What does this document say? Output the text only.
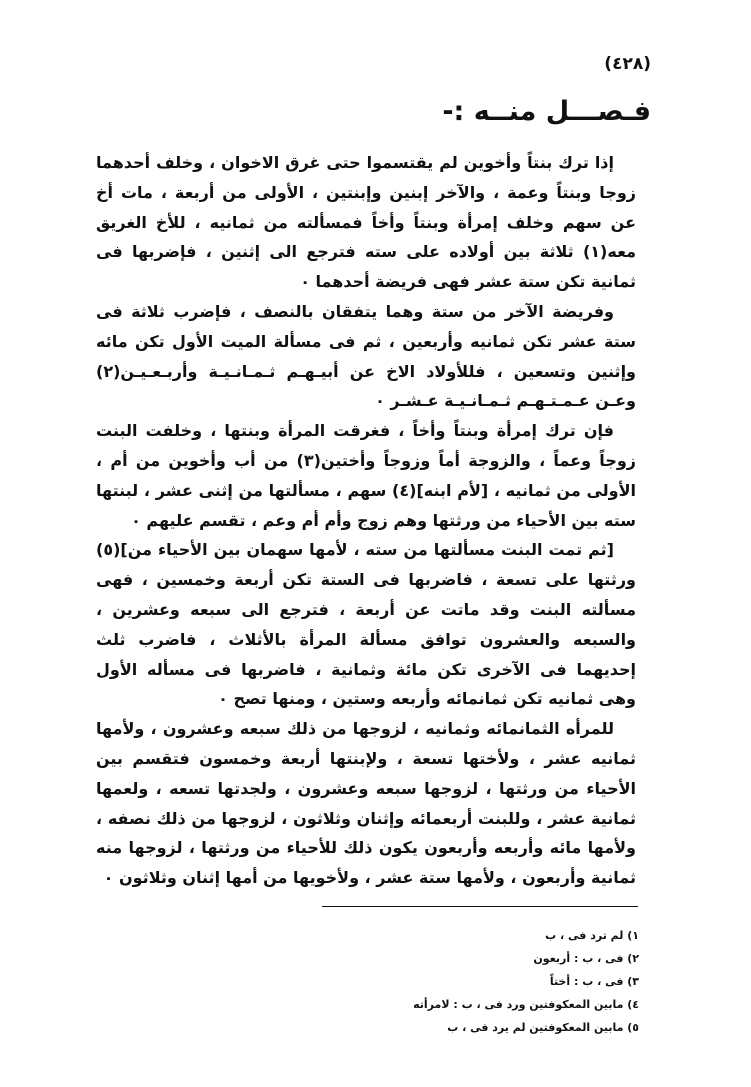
(٤٢٨)
فـصـــل منــه :-

إذا ترك بنتاً وأخوين لم يقتسموا حتى غرق الاخوان ، وخلف أحدهما زوجا وبنتاً وعمة ، والآخر إبنين وإبنتين ، الأولى من أربعة ، مات أخ عن سهم وخلف إمرأة وبنتاً وأخاً فمسألته من ثمانيه ، للأخ الغريق معه(١) ثلاثة بين أولاده على سته فترجع الى إثنين ، فإضربها فى ثمانية تكن ستة عشر فهى فريضة أحدهما ٠

وفريضة الآخر من ستة وهما يتفقان بالنصف ، فإضرب ثلاثة فى ستة عشر تكن ثمانيه وأربعين ، ثم فى مسألة الميت الأول تكن مائه وإثنين وتسعين ، فللأولاد الاخ عن أبيـهـم ثـمـانـيـة وأربـعـيـن(٢) وعـن عـمـتـهـم ثـمـانـيـة عـشـر ٠

فإن ترك إمرأة وبنتاً وأخاً ، فغرقت المرأة وبنتها ، وخلفت البنت زوجاً وعماً ، والزوجة أماً وزوجاً وأختين(٣) من أب وأخوين من أم ، الأولى من ثمانيه ، [لأم ابنه](٤) سهم ، مسألتها من إثنى عشر ، لبنتها سته بين الأحياء من ورثتها وهم زوج وأم أم وعم ، تقسم عليهم ٠

[ثم تمت البنت مسألتها من سته ، لأمها سهمان بين الأحياء من](٥) ورثتها على تسعة ، فاضربها فى الستة تكن أربعة وخمسين ، فهى مسألته البنت وقد ماتت عن أربعة ، فترجع الى سبعه وعشرين ، والسبعه والعشرون توافق مسألة المرأة بالأثلاث ، فاضرب ثلث إحديهما فى الآخرى تكن مائة وثمانية ، فاضربها فى مسأله الأول وهى ثمانيه تكن ثمانمائه وأربعه وستين ، ومنها تصح ٠

للمرأه الثمانمائه وثمانيه ، لزوجها من ذلك سبعه وعشرون ، ولأمها ثمانيه عشر ، ولأختها تسعة ، ولإبنتها أربعة وخمسون فتقسم بين الأحياء من ورثتها ، لزوجها سبعه وعشرون ، ولجدتها تسعه ، ولعمها ثمانية عشر ، وللبنت أربعمائه وإثنان وثلاثون ، لزوجها من ذلك نصفه ، ولأمها مائه وأربعه وأربعون يكون ذلك للأحياء من ورثتها ، لزوجها منه ثمانية وأربعون ، ولأمها ستة عشر ، ولأخويها من أمها إثنان وثلاثون ٠

١) لم ترد فى ، ب
٢) فى ، ب : أربعون
٣) فى ، ب : أختاً
٤) مابين المعكوفتين ورد فى ، ب : لامرأته
٥) مابين المعكوفتين لم يرد فى ، ب
